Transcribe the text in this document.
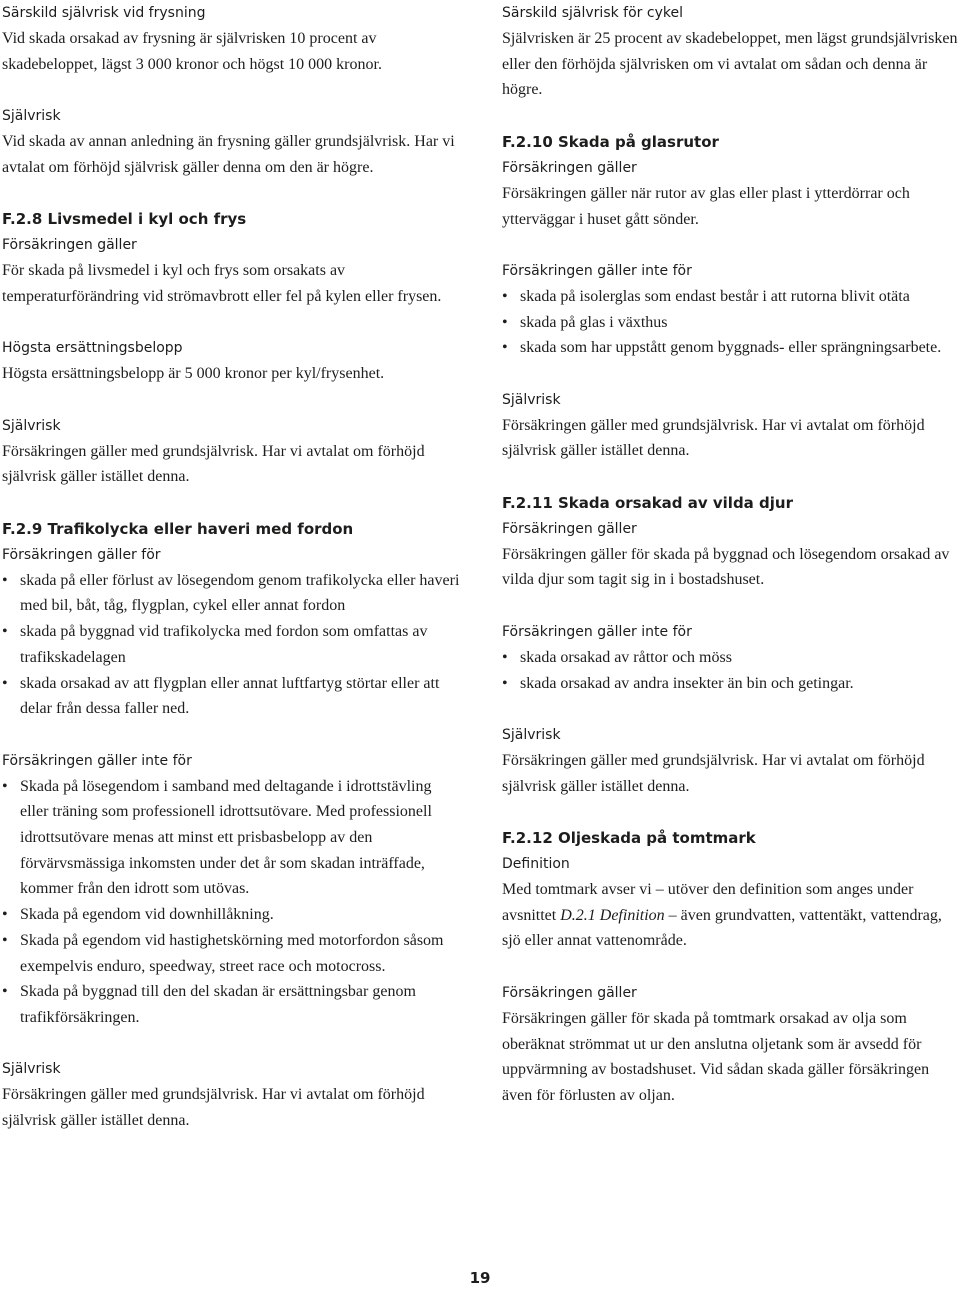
Särskild självrisk vid frysning

Vid skada orsakad av frysning är självrisken 10 procent av skadebeloppet, lägst 3 000 kronor och högst 10 000 kronor.

Självrisk

Vid skada av annan anledning än frysning gäller grundsjälvrisk. Har vi avtalat om förhöjd självrisk gäller denna om den är högre.

F.2.8 Livsmedel i kyl och frys

Försäkringen gäller

För skada på livsmedel i kyl och frys som orsakats av temperaturförändring vid strömavbrott eller fel på kylen eller frysen.

Högsta ersättningsbelopp

Högsta ersättningsbelopp är 5 000 kronor per kyl/frysenhet.

Självrisk

Försäkringen gäller med grundsjälvrisk. Har vi avtalat om förhöjd självrisk gäller istället denna.

F.2.9 Trafikolycka eller haveri med fordon

Försäkringen gäller för

• skada på eller förlust av lösegendom genom trafikolycka eller haveri med bil, båt, tåg, flygplan, cykel eller annat fordon
• skada på byggnad vid trafikolycka med fordon som omfattas av trafikskadelagen
• skada orsakad av att flygplan eller annat luftfartyg störtar eller att delar från dessa faller ned.

Försäkringen gäller inte för

• Skada på lösegendom i samband med deltagande i idrottstävling eller träning som professionell idrottsutövare. Med professionell idrottsutövare menas att minst ett prisbasbelopp av den förvärvsmässiga inkomsten under det år som skadan inträffade, kommer från den idrott som utövas.
• Skada på egendom vid downhillåkning.
• Skada på egendom vid hastighetskörning med motorfordon såsom exempelvis enduro, speedway, street race och motocross.
• Skada på byggnad till den del skadan är ersättningsbar genom trafikförsäkringen.

Självrisk

Försäkringen gäller med grundsjälvrisk. Har vi avtalat om förhöjd självrisk gäller istället denna.

Särskild självrisk för cykel

Självrisken är 25 procent av skadebeloppet, men lägst grundsjälvrisken eller den förhöjda självrisken om vi avtalat om sådan och denna är högre.

F.2.10 Skada på glasrutor

Försäkringen gäller

Försäkringen gäller när rutor av glas eller plast i ytterdörrar och ytterväggar i huset gått sönder.

Försäkringen gäller inte för

• skada på isolerglas som endast består i att rutorna blivit otäta
• skada på glas i växthus
• skada som har uppstått genom byggnads- eller sprängningsarbete.

Självrisk

Försäkringen gäller med grundsjälvrisk. Har vi avtalat om förhöjd självrisk gäller istället denna.

F.2.11 Skada orsakad av vilda djur

Försäkringen gäller

Försäkringen gäller för skada på byggnad och lösegendom orsakad av vilda djur som tagit sig in i bostadshuset.

Försäkringen gäller inte för

• skada orsakad av råttor och möss
• skada orsakad av andra insekter än bin och getingar.

Självrisk

Försäkringen gäller med grundsjälvrisk. Har vi avtalat om förhöjd självrisk gäller istället denna.

F.2.12 Oljeskada på tomtmark

Definition

Med tomtmark avser vi – utöver den definition som anges under avsnittet D.2.1 Definition – även grundvatten, vattentäkt, vattendrag, sjö eller annat vattenområde.

Försäkringen gäller

Försäkringen gäller för skada på tomtmark orsakad av olja som oberäknat strömmat ut ur den anslutna oljetank som är avsedd för uppvärmning av bostadshuset. Vid sådan skada gäller försäkringen även för förlusten av oljan.

19
